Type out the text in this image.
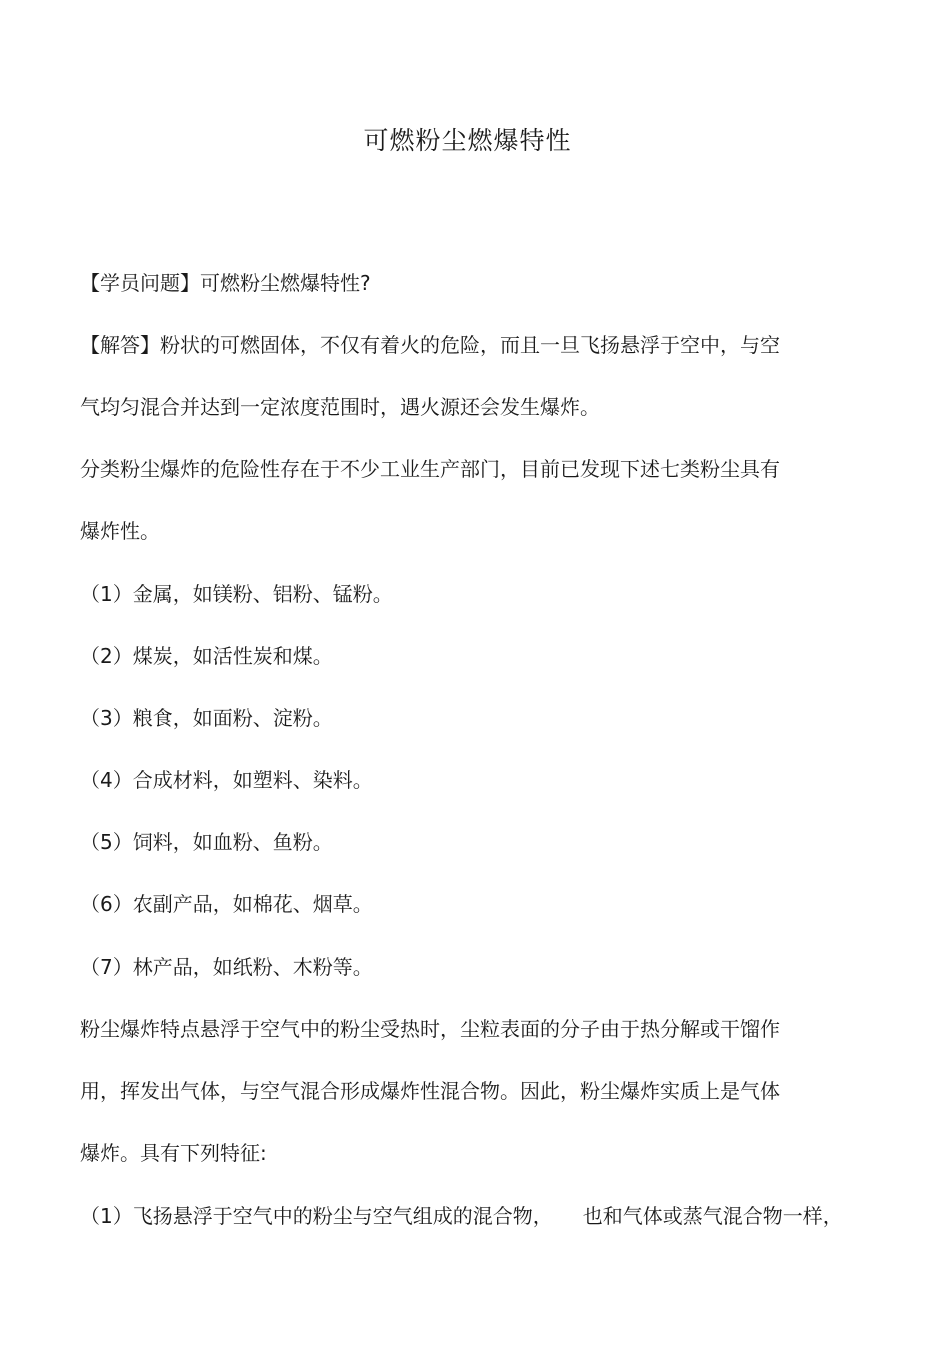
可燃粉尘燃爆特性
【学员问题】可燃粉尘燃爆特性?
【解答】粉状的可燃固体，不仅有着火的危险，而且一旦飞扬悬浮于空中，与空
气均匀混合并达到一定浓度范围时，遇火源还会发生爆炸。
分类粉尘爆炸的危险性存在于不少工业生产部门，目前已发现下述七类粉尘具有
爆炸性。
（1）金属，如镁粉、铝粉、锰粉。
（2）煤炭，如活性炭和煤。
（3）粮食，如面粉、淀粉。
（4）合成材料，如塑料、染料。
（5）饲料，如血粉、鱼粉。
（6）农副产品，如棉花、烟草。
（7）林产品，如纸粉、木粉等。
粉尘爆炸特点悬浮于空气中的粉尘受热时，尘粒表面的分子由于热分解或干馏作
用，挥发出气体，与空气混合形成爆炸性混合物。因此，粉尘爆炸实质上是气体
爆炸。具有下列特征:
（1）飞扬悬浮于空气中的粉尘与空气组成的混合物，　　也和气体或蒸气混合物一样，
